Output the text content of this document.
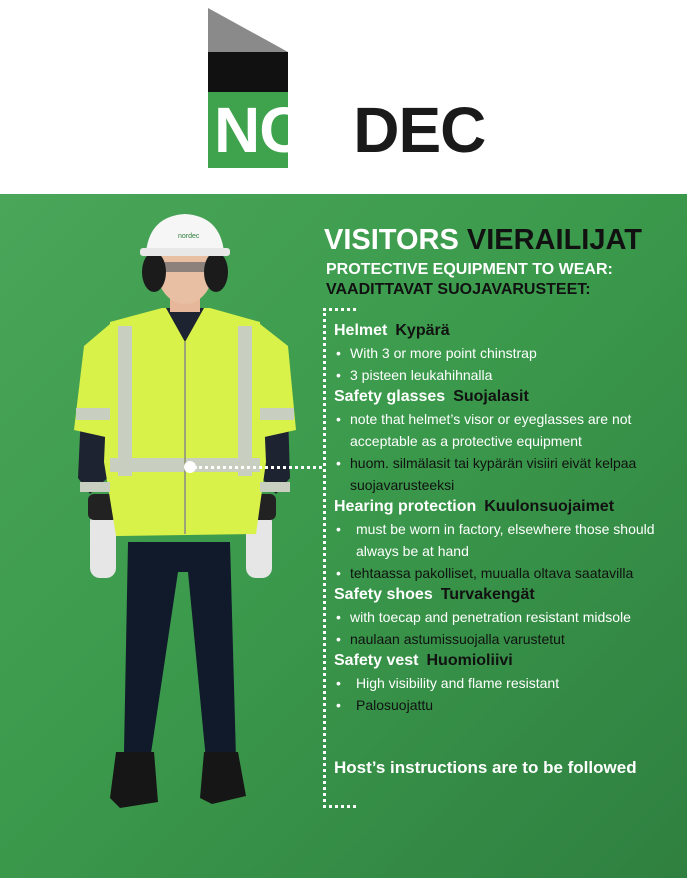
NORDEC
nordec	VISITORS VIERAILIJAT
PROTECTIVE EQUIPMENT TO WEAR:
VAADITTAVAT SUOJAVARUSTEET:
Helmet Kypärä
• With 3 or more point chinstrap
• 3 pisteen leukahihnalla
Safety glasses Suojalasit
• note that helmet’s visor or eyeglasses are not acceptable as a protective equipment
• huom. silmälasit tai kypärän visiiri eivät kelpaa suojavarusteeksi
Hearing protection Kuulonsuojaimet
• must be worn in factory, elsewhere those should always be at hand
• tehtaassa pakolliset, muualla oltava saatavilla
Safety shoes Turvakengät
• with toecap and penetration resistant midsole
• naulaan astumissuojalla varustetut
Safety vest Huomioliivi
• High visibility and flame resistant
• Palosuojattu
Host’s instructions are to be followed
